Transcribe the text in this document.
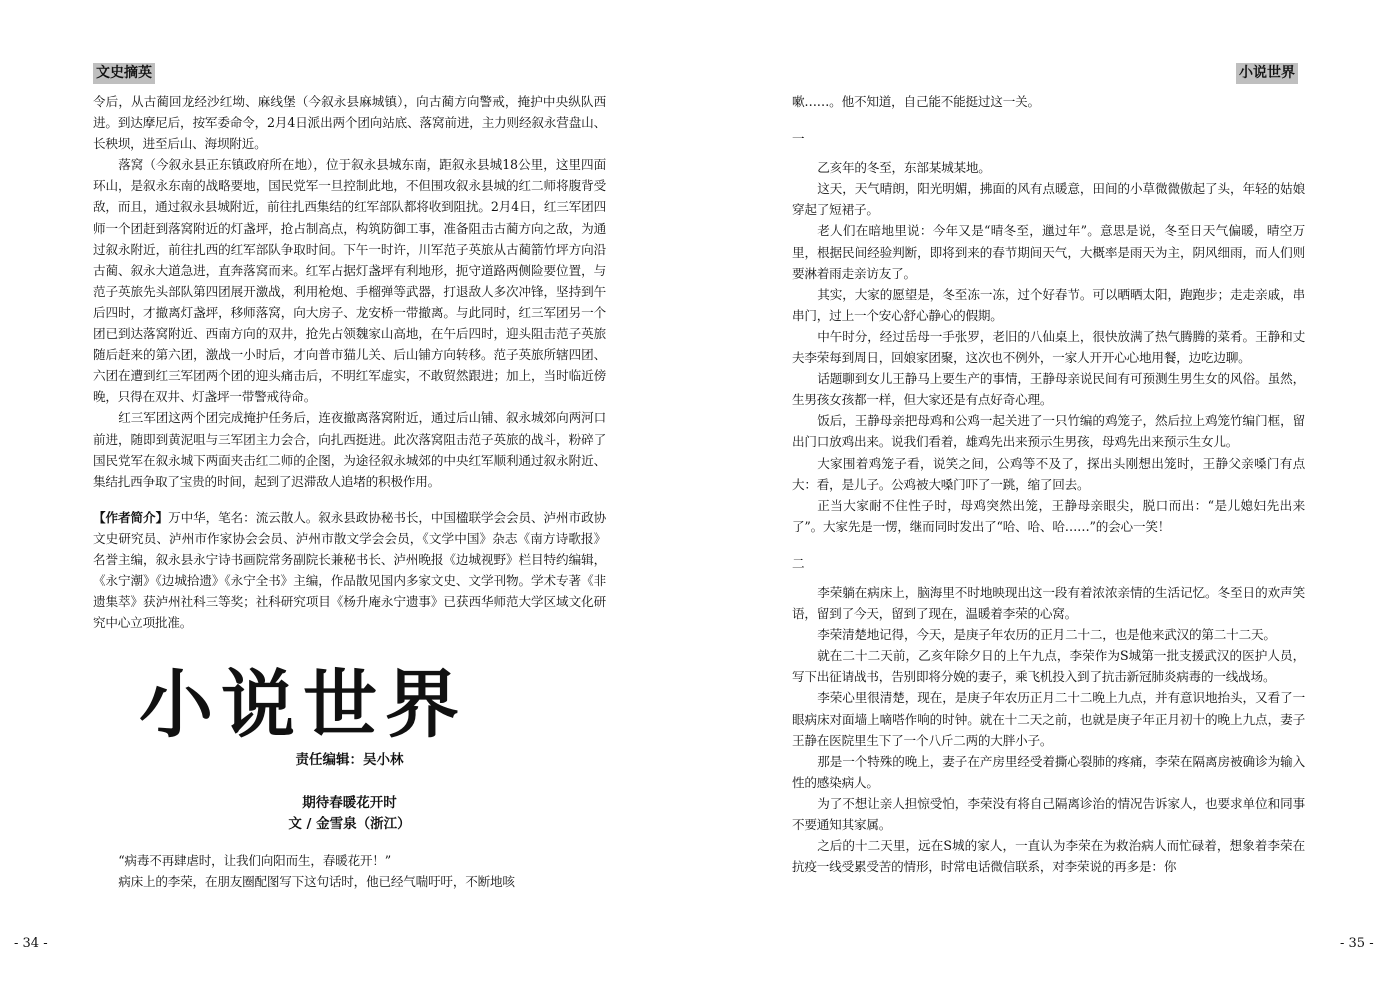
文史摘英

令后，从古蔺回龙经沙红坳、麻线堡（今叙永县麻城镇），向古蔺方向警戒，掩护中央纵队西进。到达摩尼后，按军委命令，2月4日派出两个团向站底、落窝前进，主力则经叙永营盘山、长秧坝，进至后山、海坝附近。

落窝（今叙永县正东镇政府所在地），位于叙永县城东南，距叙永县城18公里，这里四面环山，是叙永东南的战略要地，国民党军一旦控制此地，不但围攻叙永县城的红二师将腹背受敌，而且，通过叙永县城附近，前往扎西集结的红军部队都将收到阻扰。2月4日，红三军团四师一个团赶到落窝附近的灯盏坪，抢占制高点，构筑防御工事，准备阻击古蔺方向之敌，为通过叙永附近，前往扎西的红军部队争取时间。下午一时许，川军范子英旅从古蔺箭竹坪方向沿古蔺、叙永大道急进，直奔落窝而来。红军占据灯盏坪有利地形，扼守道路两侧险要位置，与范子英旅先头部队第四团展开激战，利用枪炮、手榴弹等武器，打退敌人多次冲锋，坚持到午后四时，才撤离灯盏坪，移师落窝，向大房子、龙安桥一带撤离。与此同时，红三军团另一个团已到达落窝附近、西南方向的双井，抢先占领魏家山高地，在午后四时，迎头阻击范子英旅随后赶来的第六团，激战一小时后，才向普市猫儿关、后山铺方向转移。范子英旅所辖四团、六团在遭到红三军团两个团的迎头痛击后，不明红军虚实，不敢贸然跟进；加上，当时临近傍晚，只得在双井、灯盏坪一带警戒待命。

红三军团这两个团完成掩护任务后，连夜撤离落窝附近，通过后山铺、叙永城郊向两河口前进，随即到黄泥咀与三军团主力会合，向扎西挺进。此次落窝阻击范子英旅的战斗，粉碎了国民党军在叙永城下两面夹击红二师的企图，为途径叙永城郊的中央红军顺利通过叙永附近、集结扎西争取了宝贵的时间，起到了迟滞敌人追堵的积极作用。

【作者简介】万中华，笔名：流云散人。叙永县政协秘书长，中国楹联学会会员、泸州市政协文史研究员、泸州市作家协会会员、泸州市散文学会会员，《文学中国》杂志《南方诗歌报》名誉主编，叙永县永宁诗书画院常务副院长兼秘书长、泸州晚报《边城视野》栏目特约编辑，《永宁潮》《边城拾遗》《永宁全书》主编，作品散见国内多家文史、文学刊物。学术专著《非遗集萃》获泸州社科三等奖；社科研究项目《杨升庵永宁遗事》已获西华师范大学区域文化研究中心立项批准。

责任编辑：吴小林
期待春暖花开时
文 / 金雪泉（浙江）

“病毒不再肆虐时，让我们向阳而生，春暖花开！”

病床上的李荣，在朋友圈配图写下这句话时，他已经气喘吁吁，不断地咳

小说世界
- 34 -
小说世界

嗽……。他不知道，自己能不能挺过这一关。

一

乙亥年的冬至，东部某城某地。

这天，天气晴朗，阳光明媚，拂面的风有点暖意，田间的小草微微傲起了头，年轻的姑娘穿起了短裙子。

老人们在暗地里说：今年又是“晴冬至，邋过年”。意思是说，冬至日天气偏暖，晴空万里，根据民间经验判断，即将到来的春节期间天气，大概率是雨天为主，阴风细雨，而人们则要淋着雨走亲访友了。

其实，大家的愿望是，冬至冻一冻，过个好春节。可以晒晒太阳，跑跑步；走走亲戚，串串门，过上一个安心舒心静心的假期。

中午时分，经过岳母一手张罗，老旧的八仙桌上，很快放满了热气腾腾的菜肴。王静和丈夫李荣每到周日，回娘家团聚，这次也不例外，一家人开开心心地用餐，边吃边聊。

话题聊到女儿王静马上要生产的事情，王静母亲说民间有可预测生男生女的风俗。虽然，生男孩女孩都一样，但大家还是有点好奇心理。

饭后，王静母亲把母鸡和公鸡一起关进了一只竹编的鸡笼子，然后拉上鸡笼竹编门框，留出门口放鸡出来。说我们看着，雄鸡先出来预示生男孩，母鸡先出来预示生女儿。

大家围着鸡笼子看，说笑之间，公鸡等不及了，探出头刚想出笼时，王静父亲嗓门有点大：看，是儿子。公鸡被大嗓门吓了一跳，缩了回去。

正当大家耐不住性子时，母鸡突然出笼，王静母亲眼尖，脱口而出：“是儿媳妇先出来了”。大家先是一愣，继而同时发出了“哈、哈、哈……”的会心一笑！

二

李荣躺在病床上，脑海里不时地映现出这一段有着浓浓亲情的生活记忆。冬至日的欢声笑语，留到了今天，留到了现在，温暖着李荣的心窝。

李荣清楚地记得，今天，是庚子年农历的正月二十二，也是他来武汉的第二十二天。

就在二十二天前，乙亥年除夕日的上午九点，李荣作为S城第一批支援武汉的医护人员，写下出征请战书，告别即将分娩的妻子，乘飞机投入到了抗击新冠肺炎病毒的一线战场。

李荣心里很清楚，现在，是庚子年农历正月二十二晚上九点，并有意识地抬头，又看了一眼病床对面墙上嘀嗒作响的时钟。就在十二天之前，也就是庚子年正月初十的晚上九点，妻子王静在医院里生下了一个八斤二两的大胖小子。

那是一个特殊的晚上，妻子在产房里经受着撕心裂肺的疼痛，李荣在隔离房被确诊为输入性的感染病人。

为了不想让亲人担惊受怕，李荣没有将自己隔离诊治的情况告诉家人，也要求单位和同事不要通知其家属。

之后的十二天里，远在S城的家人，一直认为李荣在为救治病人而忙碌着，想象着李荣在抗疫一线受累受苦的情形，时常电话微信联系，对李荣说的再多是：你

- 35 -
